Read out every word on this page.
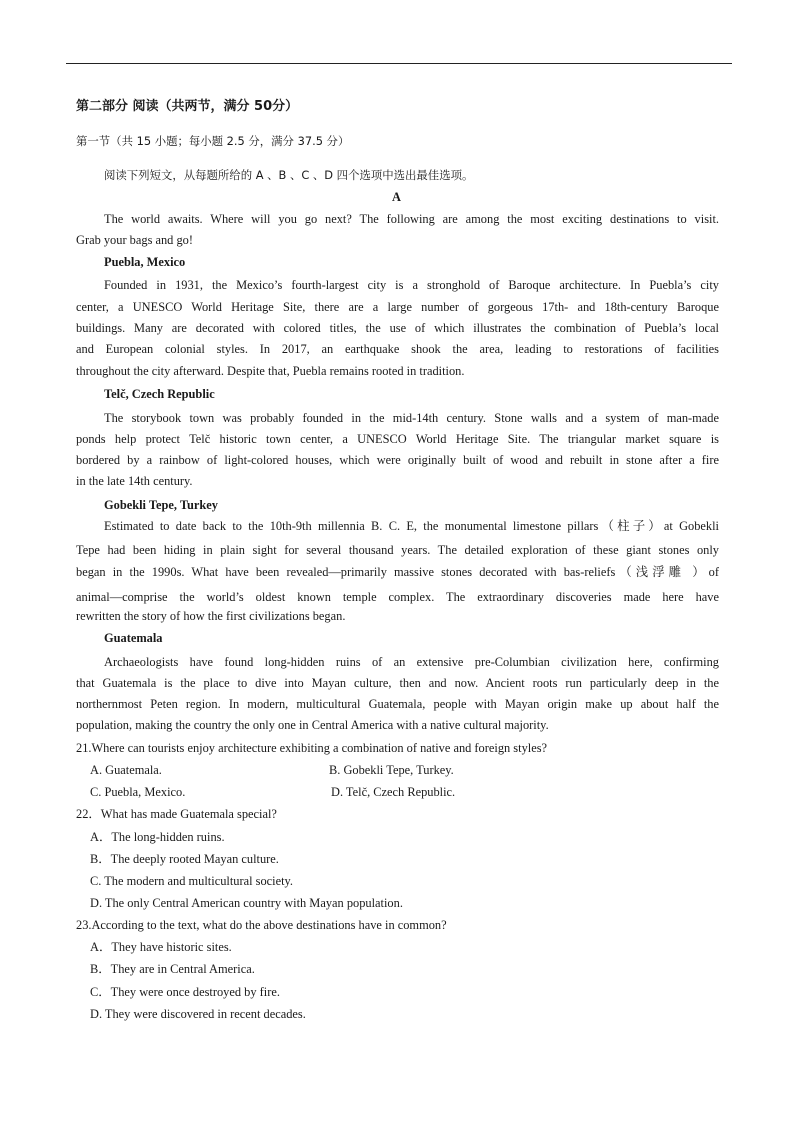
第二部分 阅读（共两节，满分 50分）
第一节（共 15 小题；每小题 2.5 分，满分 37.5 分）
阅读下列短文，从每题所给的 A 、B 、C 、D 四个选项中选出最佳选项。
A
The world awaits. Where will you go next? The following are among the most exciting destinations to visit.
Grab your bags and go!
Puebla, Mexico
Founded in 1931, the Mexico’s fourth-largest city is a stronghold of Baroque architecture. In Puebla’s city
center, a UNESCO World Heritage Site, there are a large number of gorgeous 17th- and 18th-century Baroque
buildings. Many are decorated with colored titles, the use of which illustrates the combination of Puebla’s local
and European colonial styles. In 2017, an earthquake shook the area, leading to restorations of facilities
throughout the city afterward. Despite that, Puebla remains rooted in tradition.
Telč, Czech Republic
The storybook town was probably founded in the mid-14th century. Stone walls and a system of man-made
ponds help protect Telč historic town center, a UNESCO World Heritage Site. The triangular market square is
bordered by a rainbow of light-colored houses, which were originally built of wood and rebuilt in stone after a fire
in the late 14th century.
Gobekli Tepe, Turkey
Estimated to date back to the 10th-9th millennia B. C. E, the monumental limestone pillars（柱子）at Gobekli
Tepe had been hiding in plain sight for several thousand years. The detailed exploration of these giant stones only
began in the 1990s. What have been revealed—primarily massive stones decorated with bas-reliefs（浅浮雕 ）of
animal—comprise the world’s oldest known temple complex. The extraordinary discoveries made here have
rewritten the story of how the first civilizations began.
Guatemala
Archaeologists have found long-hidden ruins of an extensive pre-Columbian civilization here, confirming
that Guatemala is the place to dive into Mayan culture, then and now. Ancient roots run particularly deep in the
northernmost Peten region. In modern, multicultural Guatemala, people with Mayan origin make up about half the
population, making the country the only one in Central America with a native cultural majority.
21.Where can tourists enjoy architecture exhibiting a combination of native and foreign styles?
A. Guatemala.	B. Gobekli Tepe, Turkey.
C. Puebla, Mexico.	D. Telč, Czech Republic.
22．What has made Guatemala special?
A．The long-hidden ruins.
B．The deeply rooted Mayan culture.
C. The modern and multicultural society.
D. The only Central American country with Mayan population.
23.According to the text, what do the above destinations have in common?
A．They have historic sites.
B．They are in Central America.
C．They were once destroyed by fire.
D. They were discovered in recent decades.
